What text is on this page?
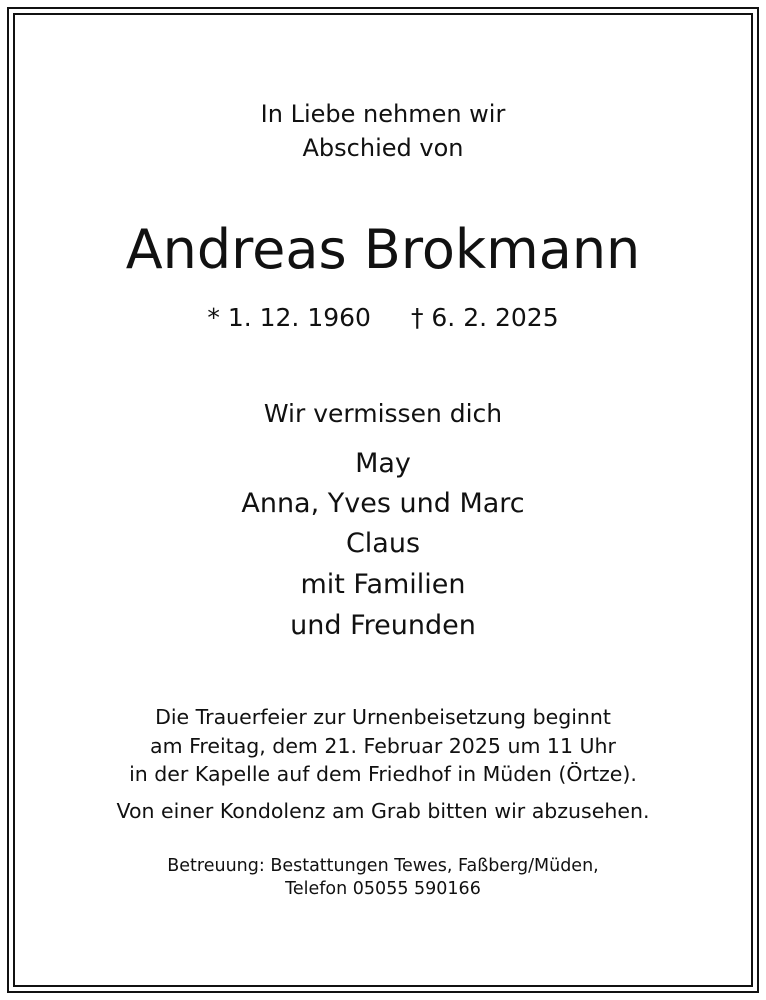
In Liebe nehmen wir
Abschied von
Andreas Brokmann
* 1. 12. 1960 † 6. 2. 2025
Wir vermissen dich
May
Anna, Yves und Marc
Claus
mit Familien
und Freunden
Die Trauerfeier zur Urnenbeisetzung beginnt
am Freitag, dem 21. Februar 2025 um 11 Uhr
in der Kapelle auf dem Friedhof in Müden (Örtze).
Von einer Kondolenz am Grab bitten wir abzusehen.
Betreuung: Bestattungen Tewes, Faßberg/Müden,
Telefon 05055 590166
